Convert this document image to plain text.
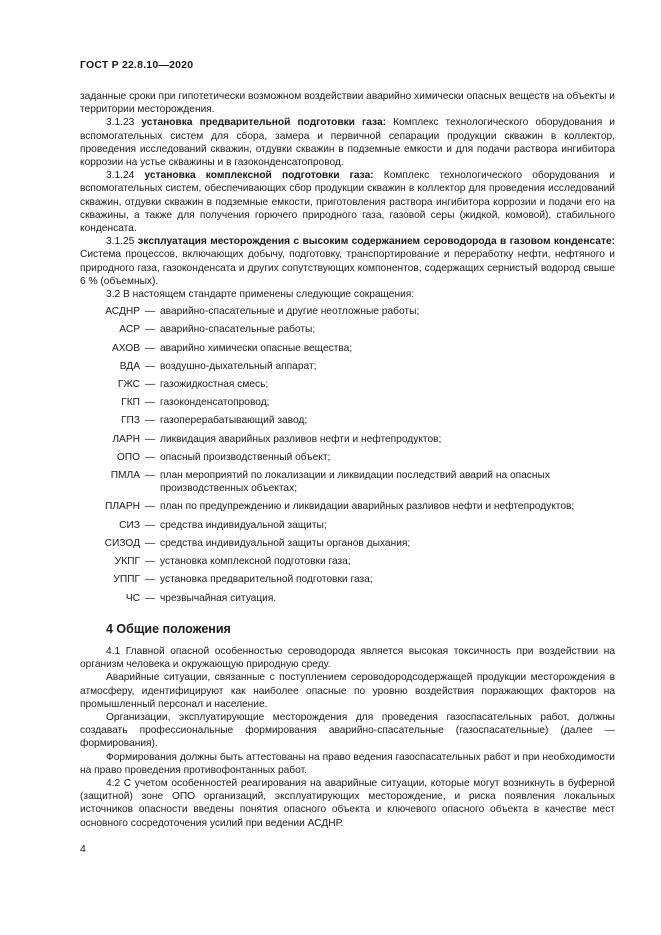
ГОСТ Р 22.8.10—2020

заданные сроки при гипотетически возможном воздействии аварийно химически опасных веществ на объекты и территории месторождения.

3.1.23 установка предварительной подготовки газа: Комплекс технологического оборудования и вспомогательных систем для сбора, замера и первичной сепарации продукции скважин в коллектор, проведения исследований скважин, отдувки скважин в подземные емкости и для подачи раствора ингибитора коррозии на устье скважины и в газоконденсатопровод.

3.1.24 установка комплексной подготовки газа: Комплекс технологического оборудования и вспомогательных систем, обеспечивающих сбор продукции скважин в коллектор для проведения исследований скважин, отдувки скважин в подземные емкости, приготовления раствора ингибитора коррозии и подачи его на скважины, а также для получения горючего природного газа, газовой серы (жидкой, комовой), стабильного конденсата.

3.1.25 эксплуатация месторождения с высоким содержанием сероводорода в газовом конденсате: Система процессов, включающих добычу, подготовку, транспортирование и переработку нефти, нефтяного и природного газа, газоконденсата и других сопутствующих компонентов, содержащих сернистый водород свыше 6 % (объемных).

3.2 В настоящем стандарте применены следующие сокращения:

АСДНР — аварийно-спасательные и другие неотложные работы;
АСР — аварийно-спасательные работы;
АХОВ — аварийно химически опасные вещества;
ВДА — воздушно-дыхательный аппарат;
ГЖС — газожидкостная смесь;
ГКП — газоконденсатопровод;
ГПЗ — газоперерабатывающий завод;
ЛАРН — ликвидация аварийных разливов нефти и нефтепродуктов;
ОПО — опасный производственный объект;
ПМЛА — план мероприятий по локализации и ликвидации последствий аварий на опасных производственных объектах;
ПЛАРН — план по предупреждению и ликвидации аварийных разливов нефти и нефтепродуктов;
СИЗ — средства индивидуальной защиты;
СИЗОД — средства индивидуальной защиты органов дыхания;
УКПГ — установка комплексной подготовки газа;
УППГ — установка предварительной подготовки газа;
ЧС — чрезвычайная ситуация.
4 Общие положения

4.1 Главной опасной особенностью сероводорода является высокая токсичность при воздействии на организм человека и окружающую природную среду.

Аварийные ситуации, связанные с поступлением сероводородсодержащей продукции месторождения в атмосферу, идентифицируют как наиболее опасные по уровню воздействия поражающих факторов на промышленный персонал и население.

Организации, эксплуатирующие месторождения для проведения газоспасательных работ, должны создавать профессиональные формирования аварийно-спасательные (газоспасательные) (далее — формирования).

Формирования должны быть аттестованы на право ведения газоспасательных работ и при необходимости на право проведения противофонтанных работ.

4.2 С учетом особенностей реагирования на аварийные ситуации, которые могут возникнуть в буферной (защитной) зоне ОПО организаций, эксплуатирующих месторождение, и риска появления локальных источников опасности введены понятия опасного объекта и ключевого опасного объекта в качестве мест основного сосредоточения усилий при ведении АСДНР.

4
